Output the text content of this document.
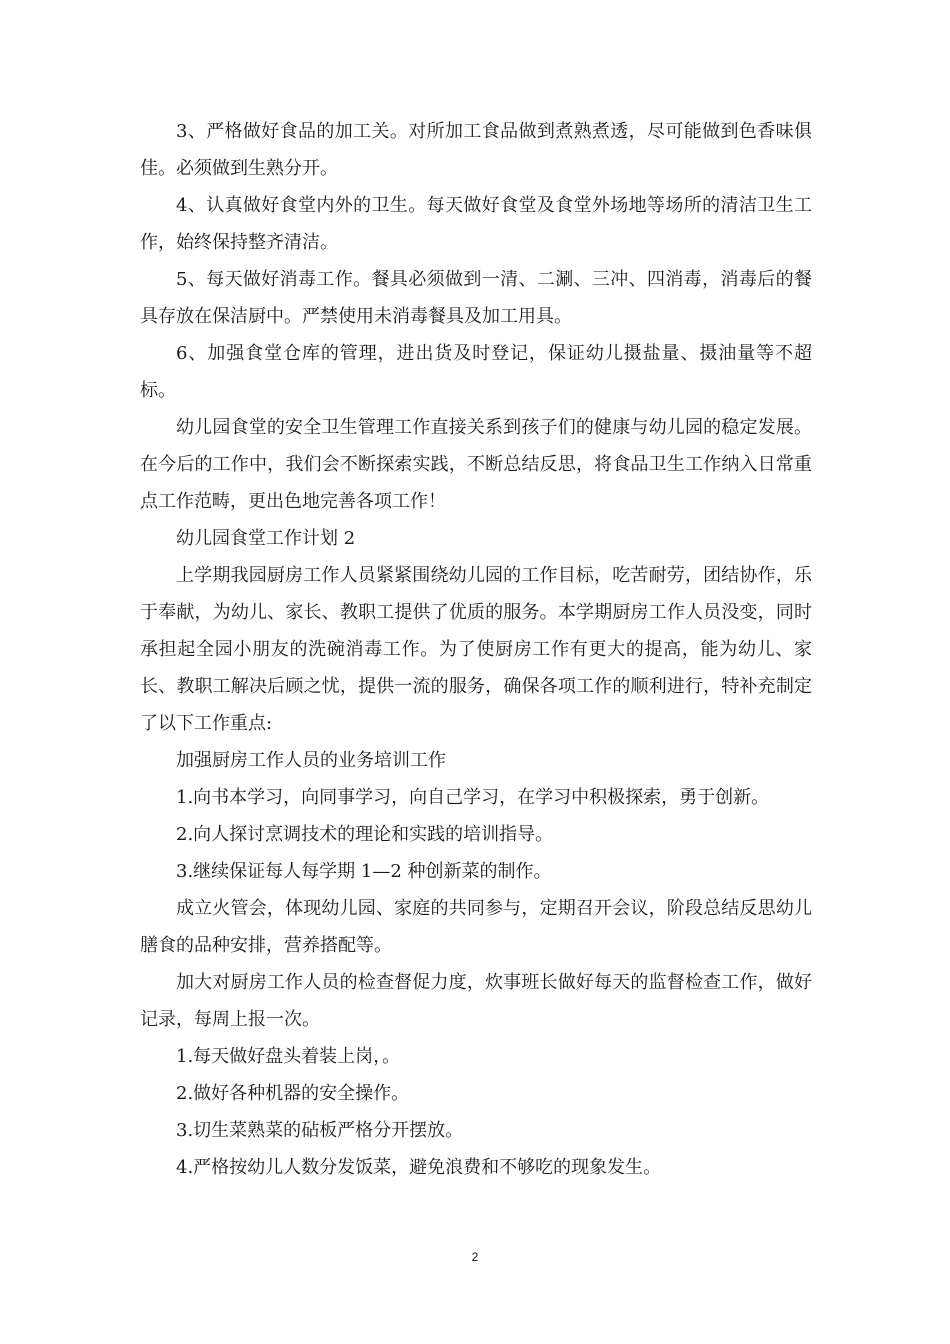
3、严格做好食品的加工关。对所加工食品做到煮熟煮透，尽可能做到色香味俱佳。必须做到生熟分开。

4、认真做好食堂内外的卫生。每天做好食堂及食堂外场地等场所的清洁卫生工作，始终保持整齐清洁。

5、每天做好消毒工作。餐具必须做到一清、二涮、三冲、四消毒，消毒后的餐具存放在保洁厨中。严禁使用未消毒餐具及加工用具。

6、加强食堂仓库的管理，进出货及时登记，保证幼儿摄盐量、摄油量等不超标。

幼儿园食堂的安全卫生管理工作直接关系到孩子们的健康与幼儿园的稳定发展。在今后的工作中，我们会不断探索实践，不断总结反思，将食品卫生工作纳入日常重点工作范畴，更出色地完善各项工作！

幼儿园食堂工作计划 2

上学期我园厨房工作人员紧紧围绕幼儿园的工作目标，吃苦耐劳，团结协作，乐于奉献，为幼儿、家长、教职工提供了优质的服务。本学期厨房工作人员没变，同时承担起全园小朋友的洗碗消毒工作。为了使厨房工作有更大的提高，能为幼儿、家长、教职工解决后顾之忧，提供一流的服务，确保各项工作的顺利进行，特补充制定了以下工作重点:

加强厨房工作人员的业务培训工作

1.向书本学习，向同事学习，向自己学习，在学习中积极探索，勇于创新。

2.向人探讨烹调技术的理论和实践的培训指导。

3.继续保证每人每学期 1—2 种创新菜的制作。

成立火管会，体现幼儿园、家庭的共同参与，定期召开会议，阶段总结反思幼儿膳食的品种安排，营养搭配等。

加大对厨房工作人员的检查督促力度，炊事班长做好每天的监督检查工作，做好记录，每周上报一次。

1.每天做好盘头着装上岗，。

2.做好各种机器的安全操作。

3.切生菜熟菜的砧板严格分开摆放。

4.严格按幼儿人数分发饭菜，避免浪费和不够吃的现象发生。

2
